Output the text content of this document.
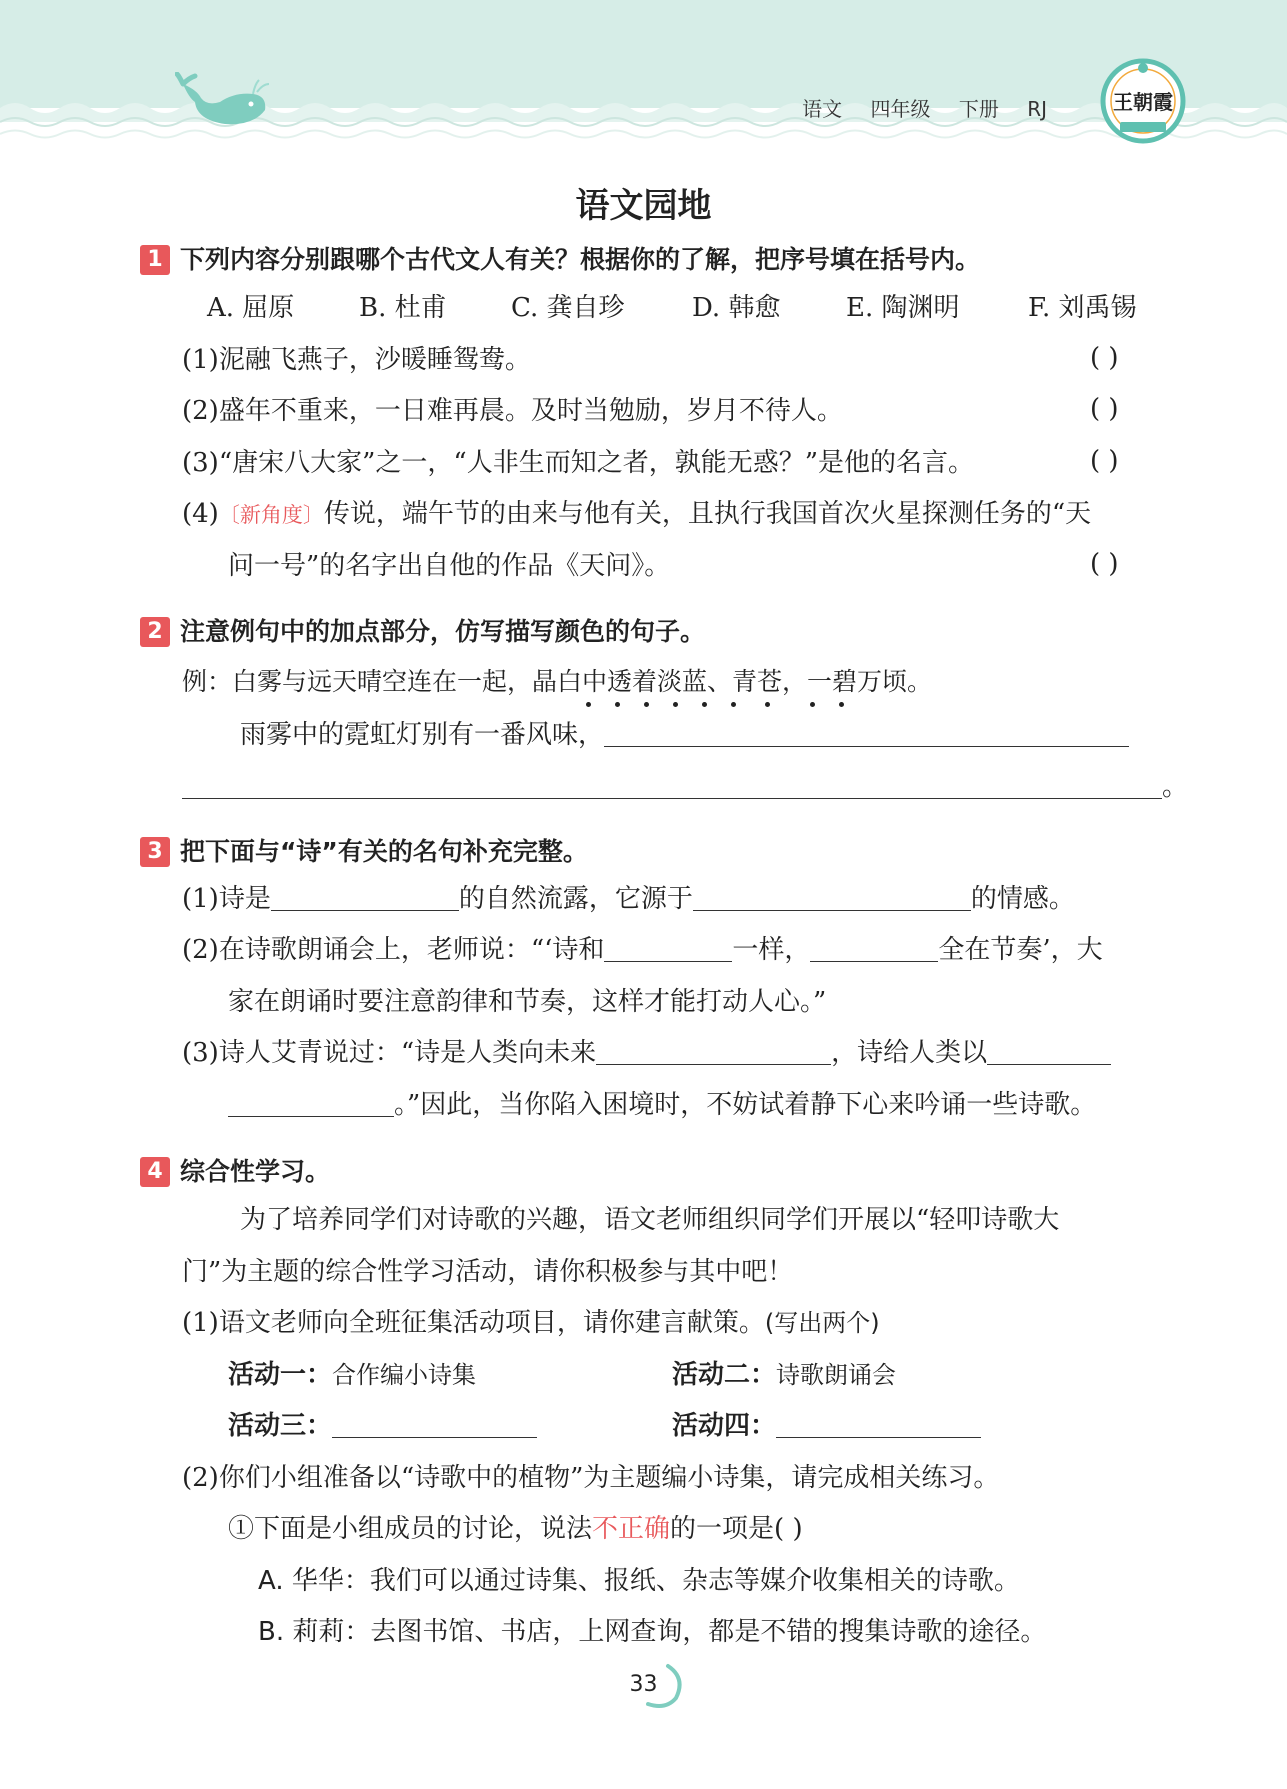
语文 四年级 下册 RJ	王朝霞
语文园地
1 下列内容分别跟哪个古代文人有关？根据你的了解，把序号填在括号内。
A. 屈原 B. 杜甫 C. 龚自珍	D. 韩愈	E. 陶渊明	F. 刘禹锡
(1)泥融飞燕子，沙暖睡鸳鸯。	( )
(2)盛年不重来，一日难再晨。及时当勉励，岁月不待人。	( )
(3)“唐宋八大家”之一，“人非生而知之者，孰能无惑？”是他的名言。	( )
(4)〔新角度〕传说，端午节的由来与他有关，且执行我国首次火星探测任务的“天
问一号”的名字出自他的作品《天问》。	( )
2 注意例句中的加点部分，仿写描写颜色的句子。
例：白雾与远天晴空连在一起，晶白中透着淡蓝、青苍，一碧万顷。
雨雾中的霓虹灯别有一番风味，
。
3 把下面与“诗”有关的名句补充完整。
(1)诗是	的自然流露，它源于	的情感。
(2)在诗歌朗诵会上，老师说：“‘诗和	一样，	全在节奏’，大
家在朗诵时要注意韵律和节奏，这样才能打动人心。”
(3)诗人艾青说过：“诗是人类向未来	，诗给人类以
。”因此，当你陷入困境时，不妨试着静下心来吟诵一些诗歌。
4 综合性学习。
为了培养同学们对诗歌的兴趣，语文老师组织同学们开展以“轻叩诗歌大
门”为主题的综合性学习活动，请你积极参与其中吧！
(1)语文老师向全班征集活动项目，请你建言献策。(写出两个)
活动一：合作编小诗集	活动二：诗歌朗诵会
活动三：	活动四：
(2)你们小组准备以“诗歌中的植物”为主题编小诗集，请完成相关练习。
①下面是小组成员的讨论，说法不正确的一项是( )
A. 华华：我们可以通过诗集、报纸、杂志等媒介收集相关的诗歌。
B. 莉莉：去图书馆、书店，上网查询，都是不错的搜集诗歌的途径。
33
